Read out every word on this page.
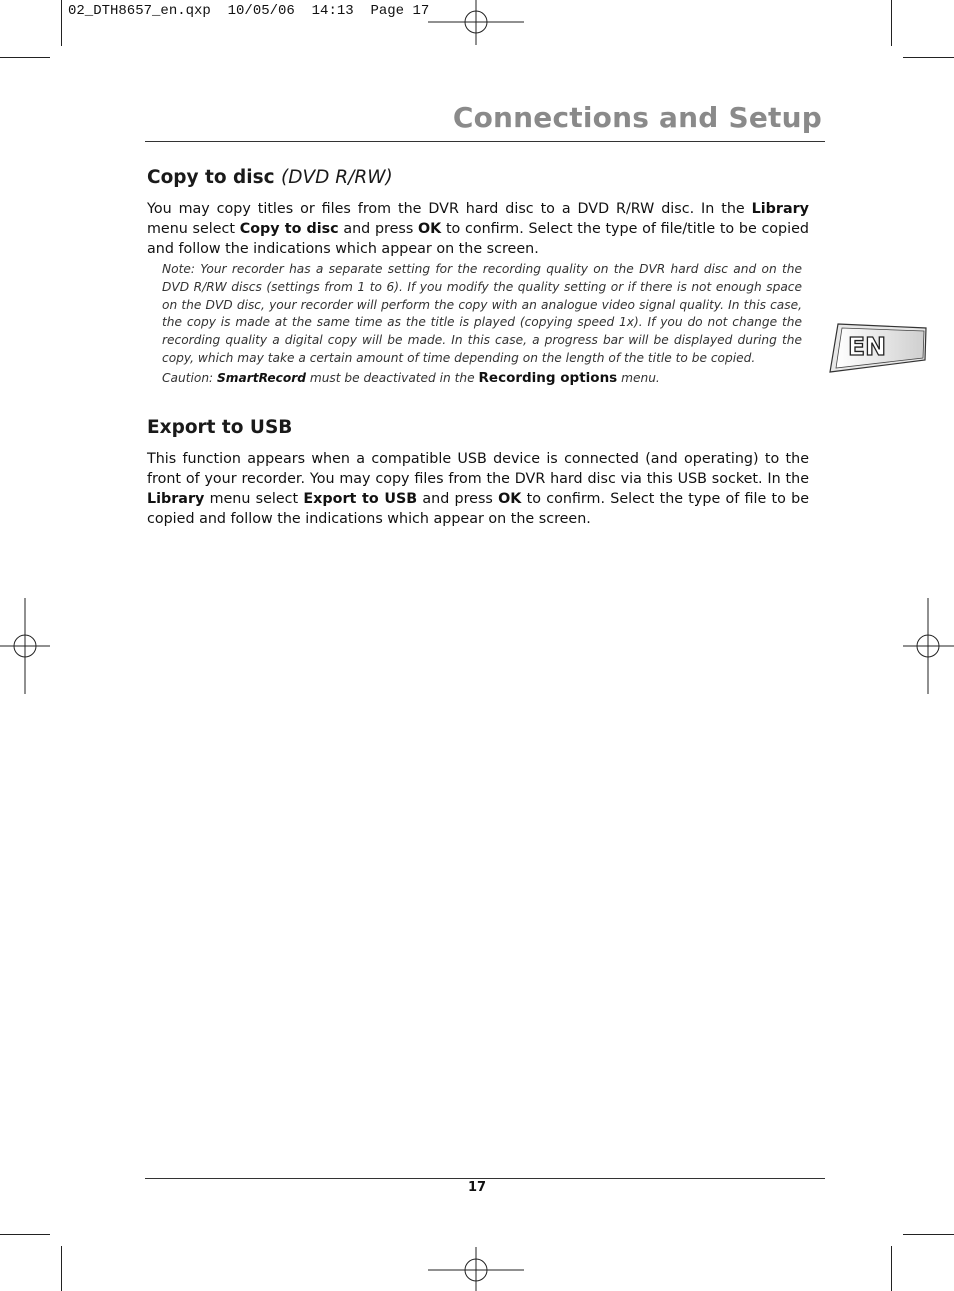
02_DTH8657_en.qxp  10/05/06  14:13  Page 17
Connections and Setup
EN
Copy to disc (DVD R/RW)
You may copy titles or files from the DVR hard disc to a DVD R/RW disc. In the Library menu select Copy to disc and press OK to confirm. Select the type of file/title to be copied and follow the indications which appear on the screen.
Note: Your recorder has a separate setting for the recording quality on the DVR hard disc and on the DVD R/RW discs (settings from 1 to 6). If you modify the quality setting or if there is not enough space on the DVD disc, your recorder will perform the copy with an analogue video signal quality. In this case, the copy is made at the same time as the title is played (copying speed 1x). If you do not change the recording quality a digital copy will be made. In this case, a progress bar will be displayed during the copy, which may take a certain amount of time depending on the length of the title to be copied.
Caution: SmartRecord must be deactivated in the Recording options menu.
Export to USB
This function appears when a compatible USB device is connected (and operating) to the front of your recorder. You may copy files from the DVR hard disc via this USB socket. In the Library menu select Export to USB and press OK to confirm. Select the type of file to be copied and follow the indications which appear on the screen.
17
